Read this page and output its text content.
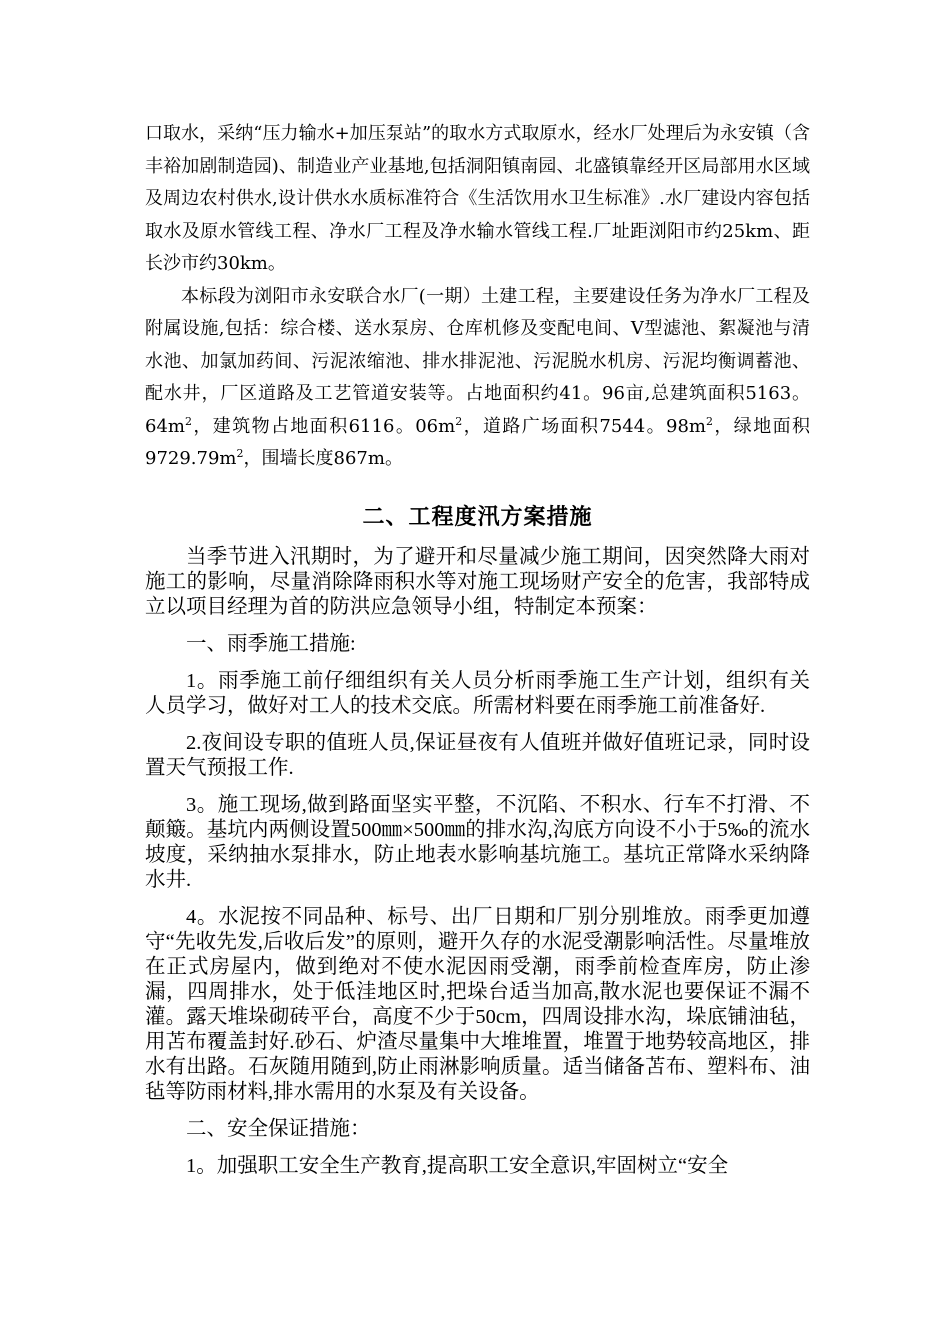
口取水，采纳“压力输水+加压泵站”的取水方式取原水，经水厂处理后为永安镇（含丰裕加剧制造园)、制造业产业基地,包括洞阳镇南园、北盛镇靠经开区局部用水区域及周边农村供水,设计供水水质标准符合《生活饮用水卫生标准》.水厂建设内容包括取水及原水管线工程、净水厂工程及净水输水管线工程.厂址距浏阳市约25km、距长沙市约30km。

本标段为浏阳市永安联合水厂(一期）土建工程，主要建设任务为净水厂工程及附属设施,包括：综合楼、送水泵房、仓库机修及变配电间、V型滤池、絮凝池与清水池、加氯加药间、污泥浓缩池、排水排泥池、污泥脱水机房、污泥均衡调蓄池、配水井，厂区道路及工艺管道安装等。占地面积约41。96亩,总建筑面积5163。$64m^2$，建筑物占地面积6116。$06m^2$，道路广场面积7544。$98m^2$，绿地面积$9729.79m^2$，围墙长度867m。

二、工程度汛方案措施

当季节进入汛期时，为了避开和尽量减少施工期间，因突然降大雨对施工的影响，尽量消除降雨积水等对施工现场财产安全的危害，我部特成立以项目经理为首的防洪应急领导小组，特制定本预案：

一、雨季施工措施:

1。雨季施工前仔细组织有关人员分析雨季施工生产计划，组织有关人员学习，做好对工人的技术交底。所需材料要在雨季施工前准备好.

2.夜间设专职的值班人员,保证昼夜有人值班并做好值班记录，同时设置天气预报工作.

3。施工现场,做到路面坚实平整，不沉陷、不积水、行车不打滑、不颠簸。基坑内两侧设置500㎜×500㎜的排水沟,沟底方向设不小于5‰的流水坡度，采纳抽水泵排水，防止地表水影响基坑施工。基坑正常降水采纳降水井.

4。水泥按不同品种、标号、出厂日期和厂别分别堆放。雨季更加遵守“先收先发,后收后发”的原则，避开久存的水泥受潮影响活性。尽量堆放在正式房屋内，做到绝对不使水泥因雨受潮，雨季前检查库房，防止渗漏，四周排水，处于低洼地区时,把垛台适当加高,散水泥也要保证不漏不灌。露天堆垛砌砖平台，高度不少于50cm，四周设排水沟，垛底铺油毡，用苫布覆盖封好.砂石、炉渣尽量集中大堆堆置，堆置于地势较高地区，排水有出路。石灰随用随到,防止雨淋影响质量。适当储备苫布、塑料布、油毡等防雨材料,排水需用的水泵及有关设备。

二、安全保证措施：

1。加强职工安全生产教育,提高职工安全意识,牢固树立“安全
